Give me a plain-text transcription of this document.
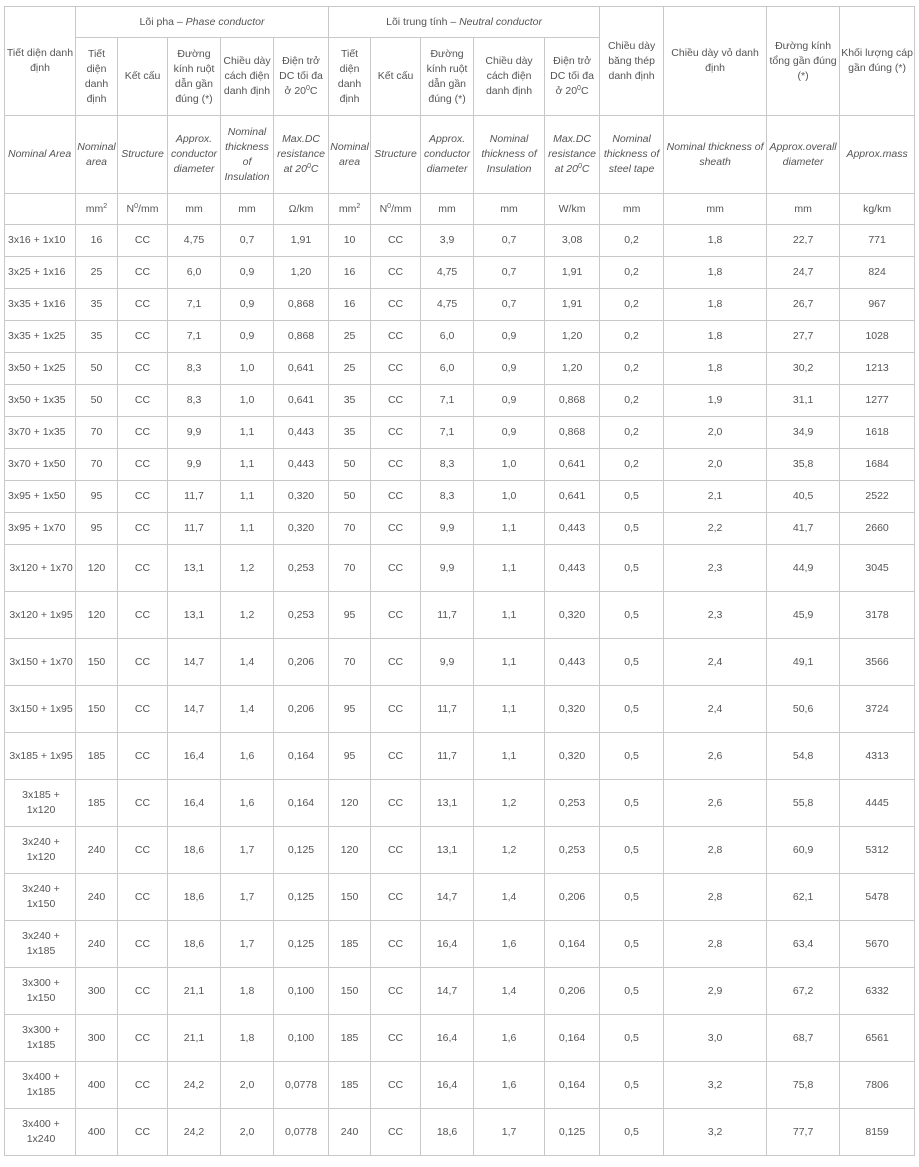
Tiết diện danh định	Lõi pha – Phase conductor					Lõi trung tính – Neutral conductor					Chiều dày băng thép danh định	Chiều dày vỏ danh định	Đường kính tổng gần đúng (*)	Khối lượng cáp gần đúng (*)
	Tiết diện danh định	Kết cấu	Đường kính ruột dẫn gần đúng (*)	Chiều dày cách điện danh định	Điện trở DC tối đa ở $20^0C$	Tiết diện danh định	Kết cấu	Đường kính ruột dẫn gần đúng (*)	Chiều dày cách điện danh định	Điện trở DC tối đa ở $20^0C$				
Nominal Area	Nominal area	Structure	Approx. conductor diameter	Nominal thickness of Insulation	Max.DC resistance at $20^0C$	Nominal area	Structure	Approx. conductor diameter	Nominal thickness of Insulation	Max.DC resistance at $20^0C$	Nominal thickness of steel tape	Nominal thickness of sheath	Approx.overall diameter	Approx.mass
	$mm^2$	$N^0/mm$	mm	mm	Ω/km	$mm^2$	$N^0/mm$	mm	mm	W/km	mm	mm	mm	kg/km
3x16 + 1x10	16	CC	4,75	0,7	1,91	10	CC	3,9	0,7	3,08	0,2	1,8	22,7	771
3x25 + 1x16	25	CC	6,0	0,9	1,20	16	CC	4,75	0,7	1,91	0,2	1,8	24,7	824
3x35 + 1x16	35	CC	7,1	0,9	0,868	16	CC	4,75	0,7	1,91	0,2	1,8	26,7	967
3x35 + 1x25	35	CC	7,1	0,9	0,868	25	CC	6,0	0,9	1,20	0,2	1,8	27,7	1028
3x50 + 1x25	50	CC	8,3	1,0	0,641	25	CC	6,0	0,9	1,20	0,2	1,8	30,2	1213
3x50 + 1x35	50	CC	8,3	1,0	0,641	35	CC	7,1	0,9	0,868	0,2	1,9	31,1	1277
3x70 + 1x35	70	CC	9,9	1,1	0,443	35	CC	7,1	0,9	0,868	0,2	2,0	34,9	1618
3x70 + 1x50	70	CC	9,9	1,1	0,443	50	CC	8,3	1,0	0,641	0,2	2,0	35,8	1684
3x95 + 1x50	95	CC	11,7	1,1	0,320	50	CC	8,3	1,0	0,641	0,5	2,1	40,5	2522
3x95 + 1x70	95	CC	11,7	1,1	0,320	70	CC	9,9	1,1	0,443	0,5	2,2	41,7	2660
3x120 + 1x70	120	CC	13,1	1,2	0,253	70	CC	9,9	1,1	0,443	0,5	2,3	44,9	3045
3x120 + 1x95	120	CC	13,1	1,2	0,253	95	CC	11,7	1,1	0,320	0,5	2,3	45,9	3178
3x150 + 1x70	150	CC	14,7	1,4	0,206	70	CC	9,9	1,1	0,443	0,5	2,4	49,1	3566
3x150 + 1x95	150	CC	14,7	1,4	0,206	95	CC	11,7	1,1	0,320	0,5	2,4	50,6	3724
3x185 + 1x95	185	CC	16,4	1,6	0,164	95	CC	11,7	1,1	0,320	0,5	2,6	54,8	4313
3x185 + 1x120	185	CC	16,4	1,6	0,164	120	CC	13,1	1,2	0,253	0,5	2,6	55,8	4445
3x240 + 1x120	240	CC	18,6	1,7	0,125	120	CC	13,1	1,2	0,253	0,5	2,8	60,9	5312
3x240 + 1x150	240	CC	18,6	1,7	0,125	150	CC	14,7	1,4	0,206	0,5	2,8	62,1	5478
3x240 + 1x185	240	CC	18,6	1,7	0,125	185	CC	16,4	1,6	0,164	0,5	2,8	63,4	5670
3x300 + 1x150	300	CC	21,1	1,8	0,100	150	CC	14,7	1,4	0,206	0,5	2,9	67,2	6332
3x300 + 1x185	300	CC	21,1	1,8	0,100	185	CC	16,4	1,6	0,164	0,5	3,0	68,7	6561
3x400 + 1x185	400	CC	24,2	2,0	0,0778	185	CC	16,4	1,6	0,164	0,5	3,2	75,8	7806
3x400 + 1x240	400	CC	24,2	2,0	0,0778	240	CC	18,6	1,7	0,125	0,5	3,2	77,7	8159
